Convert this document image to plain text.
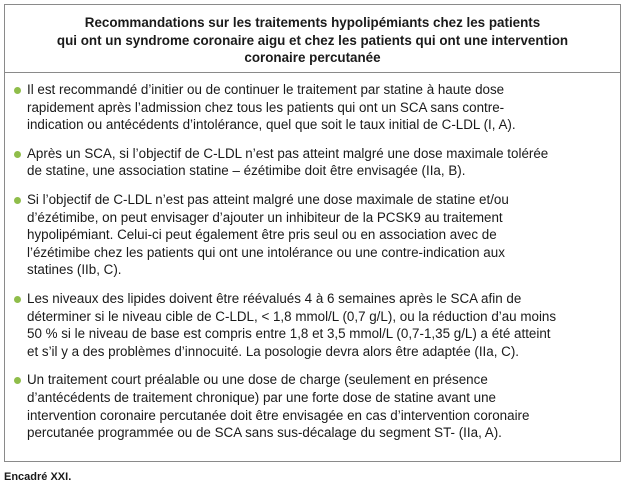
Recommandations sur les traitements hypolipémiants chez les patients
qui ont un syndrome coronaire aigu et chez les patients qui ont une intervention
coronaire percutanée
Il est recommandé d’initier ou de continuer le traitement par statine à haute dose
rapidement après l’admission chez tous les patients qui ont un SCA sans contre-
indication ou antécédents d’intolérance, quel que soit le taux initial de C-LDL (I, A).
Après un SCA, si l’objectif de C-LDL n’est pas atteint malgré une dose maximale tolérée
de statine, une association statine – ézétimibe doit être envisagée (IIa, B).
Si l’objectif de C-LDL n’est pas atteint malgré une dose maximale de statine et/ou
d’ézétimibe, on peut envisager d’ajouter un inhibiteur de la PCSK9 au traitement
hypolipémiant. Celui-ci peut également être pris seul ou en association avec de
l’ézétimibe chez les patients qui ont une intolérance ou une contre-indication aux
statines (IIb, C).
Les niveaux des lipides doivent être réévalués 4 à 6 semaines après le SCA afin de
déterminer si le niveau cible de C-LDL, < 1,8 mmol/L (0,7 g/L), ou la réduction d’au moins
50 % si le niveau de base est compris entre 1,8 et 3,5 mmol/L (0,7-1,35 g/L) a été atteint
et s’il y a des problèmes d’innocuité. La posologie devra alors être adaptée (IIa, C).
Un traitement court préalable ou une dose de charge (seulement en présence
d’antécédents de traitement chronique) par une forte dose de statine avant une
intervention coronaire percutanée doit être envisagée en cas d’intervention coronaire
percutanée programmée ou de SCA sans sus-décalage du segment ST- (IIa, A).
Encadré XXI.
